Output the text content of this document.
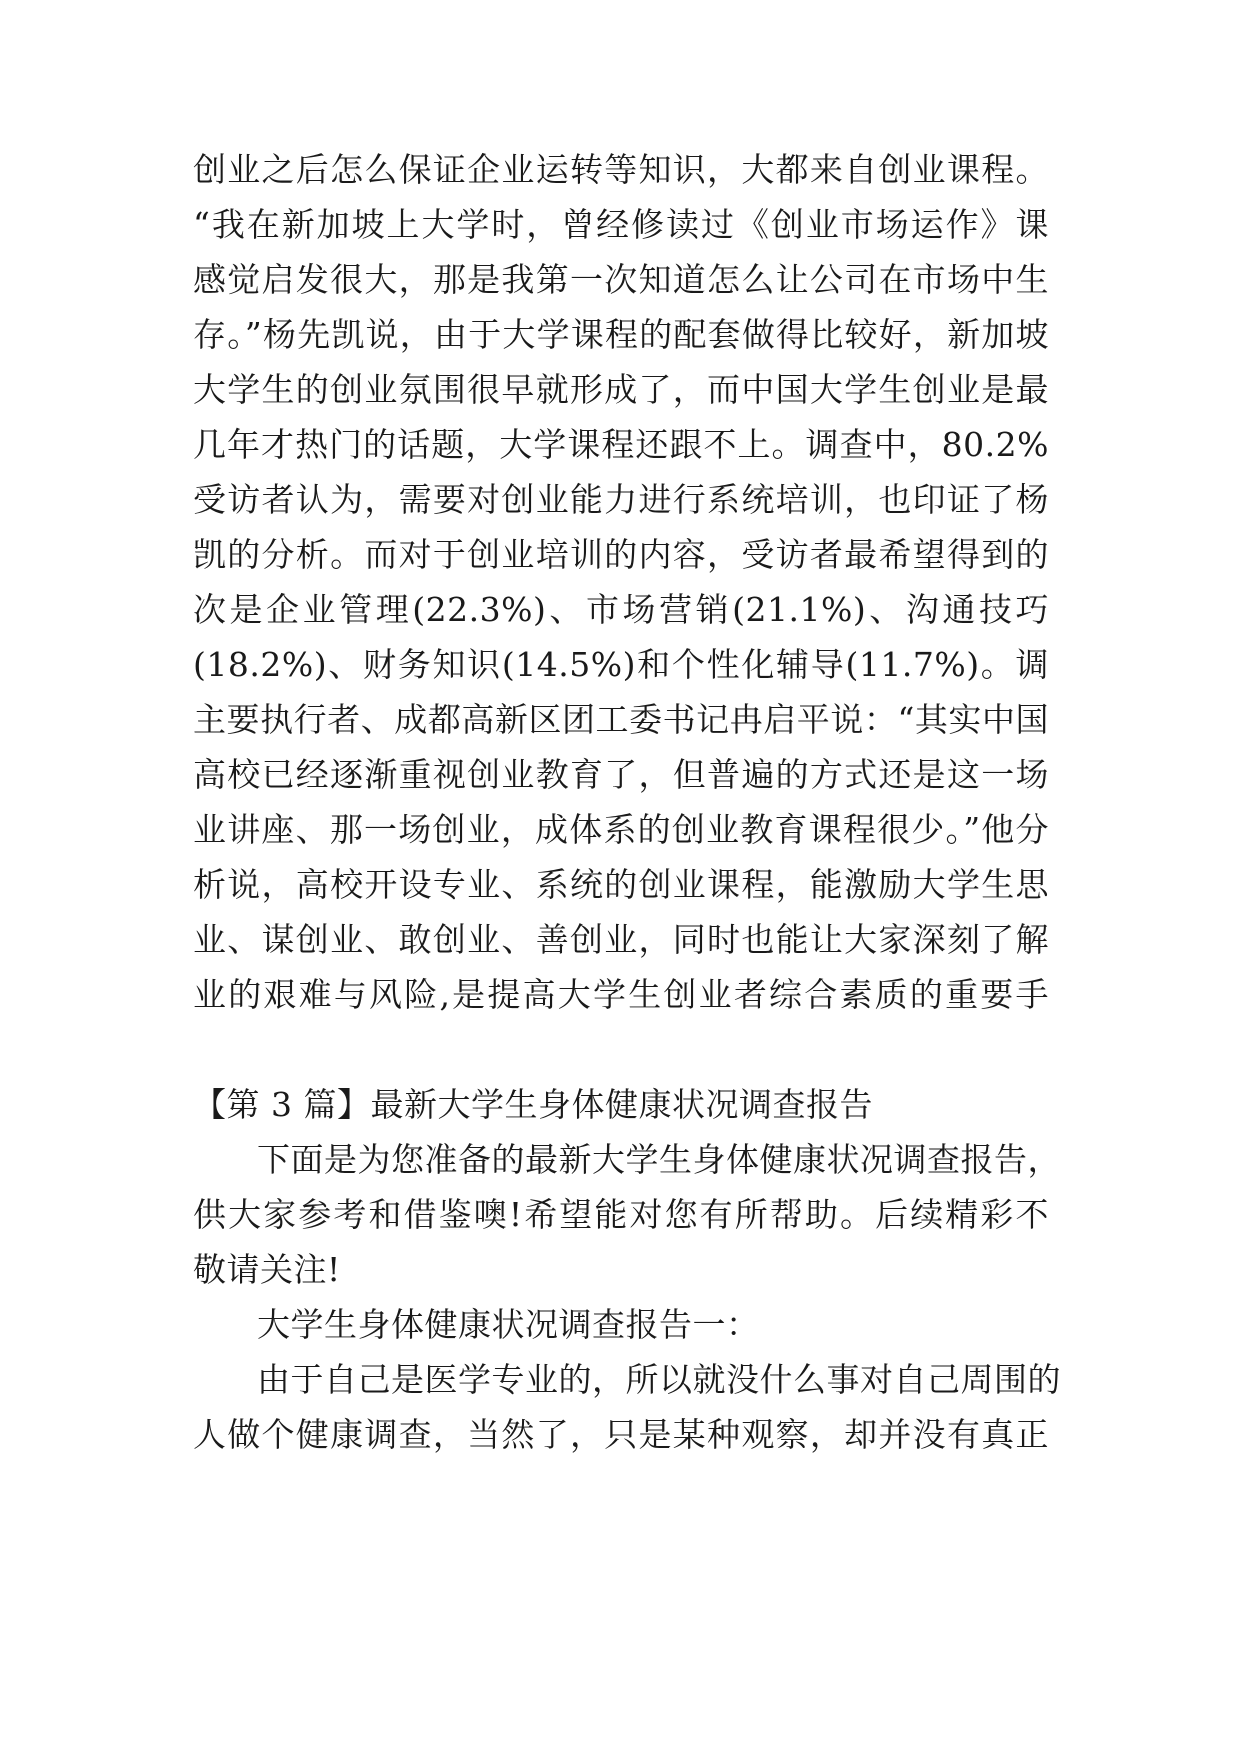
创业之后怎么保证企业运转等知识，大都来自创业课程。
“我在新加坡上大学时，曾经修读过《创业市场运作》课
感觉启发很大，那是我第一次知道怎么让公司在市场中生
存。”杨先凯说，由于大学课程的配套做得比较好，新加坡
大学生的创业氛围很早就形成了，而中国大学生创业是最
几年才热门的话题，大学课程还跟不上。调查中，80.2%
受访者认为，需要对创业能力进行系统培训，也印证了杨
凯的分析。而对于创业培训的内容，受访者最希望得到的
次是企业管理(22.3%)、市场营销(21.1%)、沟通技巧
(18.2%)、财务知识(14.5%)和个性化辅导(11.7%)。调
主要执行者、成都高新区团工委书记冉启平说：“其实中国
高校已经逐渐重视创业教育了，但普遍的方式还是这一场
业讲座、那一场创业，成体系的创业教育课程很少。”他分
析说，高校开设专业、系统的创业课程，能激励大学生思
业、谋创业、敢创业、善创业，同时也能让大家深刻了解
业的艰难与风险,是提高大学生创业者综合素质的重要手
【第 3 篇】最新大学生身体健康状况调查报告
下面是为您准备的最新大学生身体健康状况调查报告，
供大家参考和借鉴噢!希望能对您有所帮助。后续精彩不
敬请关注!
大学生身体健康状况调查报告一：
由于自己是医学专业的，所以就没什么事对自己周围的
人做个健康调查，当然了，只是某种观察，却并没有真正
